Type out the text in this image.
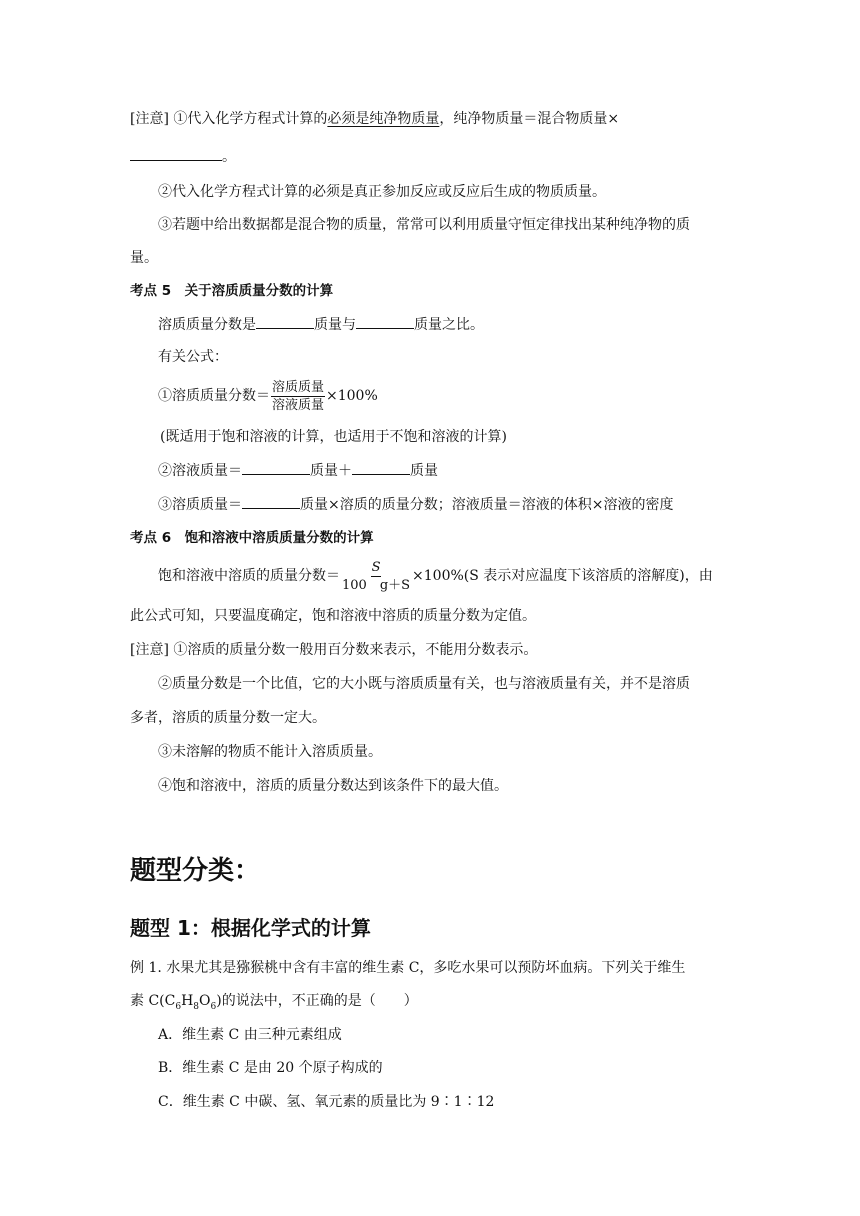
[注意] ①代入化学方程式计算的必须是纯净物质量，纯净物质量＝混合物质量×
。
②代入化学方程式计算的必须是真正参加反应或反应后生成的物质质量。
③若题中给出数据都是混合物的质量，常常可以利用质量守恒定律找出某种纯净物的质
量。
考点 5　关于溶质质量分数的计算
溶质质量分数是	质量与	质量之比。
有关公式：
①溶质质量分数＝ $\frac{\text{溶质质量}}{\text{溶液质量}} \times 100\%$
(既适用于饱和溶液的计算，也适用于不饱和溶液的计算)
②溶液质量＝	质量＋	质量
③溶质质量＝	质量×溶质的质量分数；溶液质量＝溶液的体积×溶液的密度
考点 6　饱和溶液中溶质质量分数的计算
饱和溶液中溶质的质量分数＝ $\frac{S}{100 g+S} \times 100\%(S$ 表示对应温度下该溶质的溶解度)，由
此公式可知，只要温度确定，饱和溶液中溶质的质量分数为定值。
[注意] ①溶质的质量分数一般用百分数来表示，不能用分数表示。
②质量分数是一个比值，它的大小既与溶质质量有关，也与溶液质量有关，并不是溶质
多者，溶质的质量分数一定大。
③未溶解的物质不能计入溶质质量。
④饱和溶液中，溶质的质量分数达到该条件下的最大值。
题型分类：
题型 1：根据化学式的计算
例 1. 水果尤其是猕猴桃中含有丰富的维生素 C，多吃水果可以预防坏血病。下列关于维生
素 $C(C_6H_8O_6)$的说法中，不正确的是（　　）
A．维生素 C 由三种元素组成
B．维生素 C 是由 20 个原子构成的
C．维生素 C 中碳、氢、氧元素的质量比为 9∶1∶12
